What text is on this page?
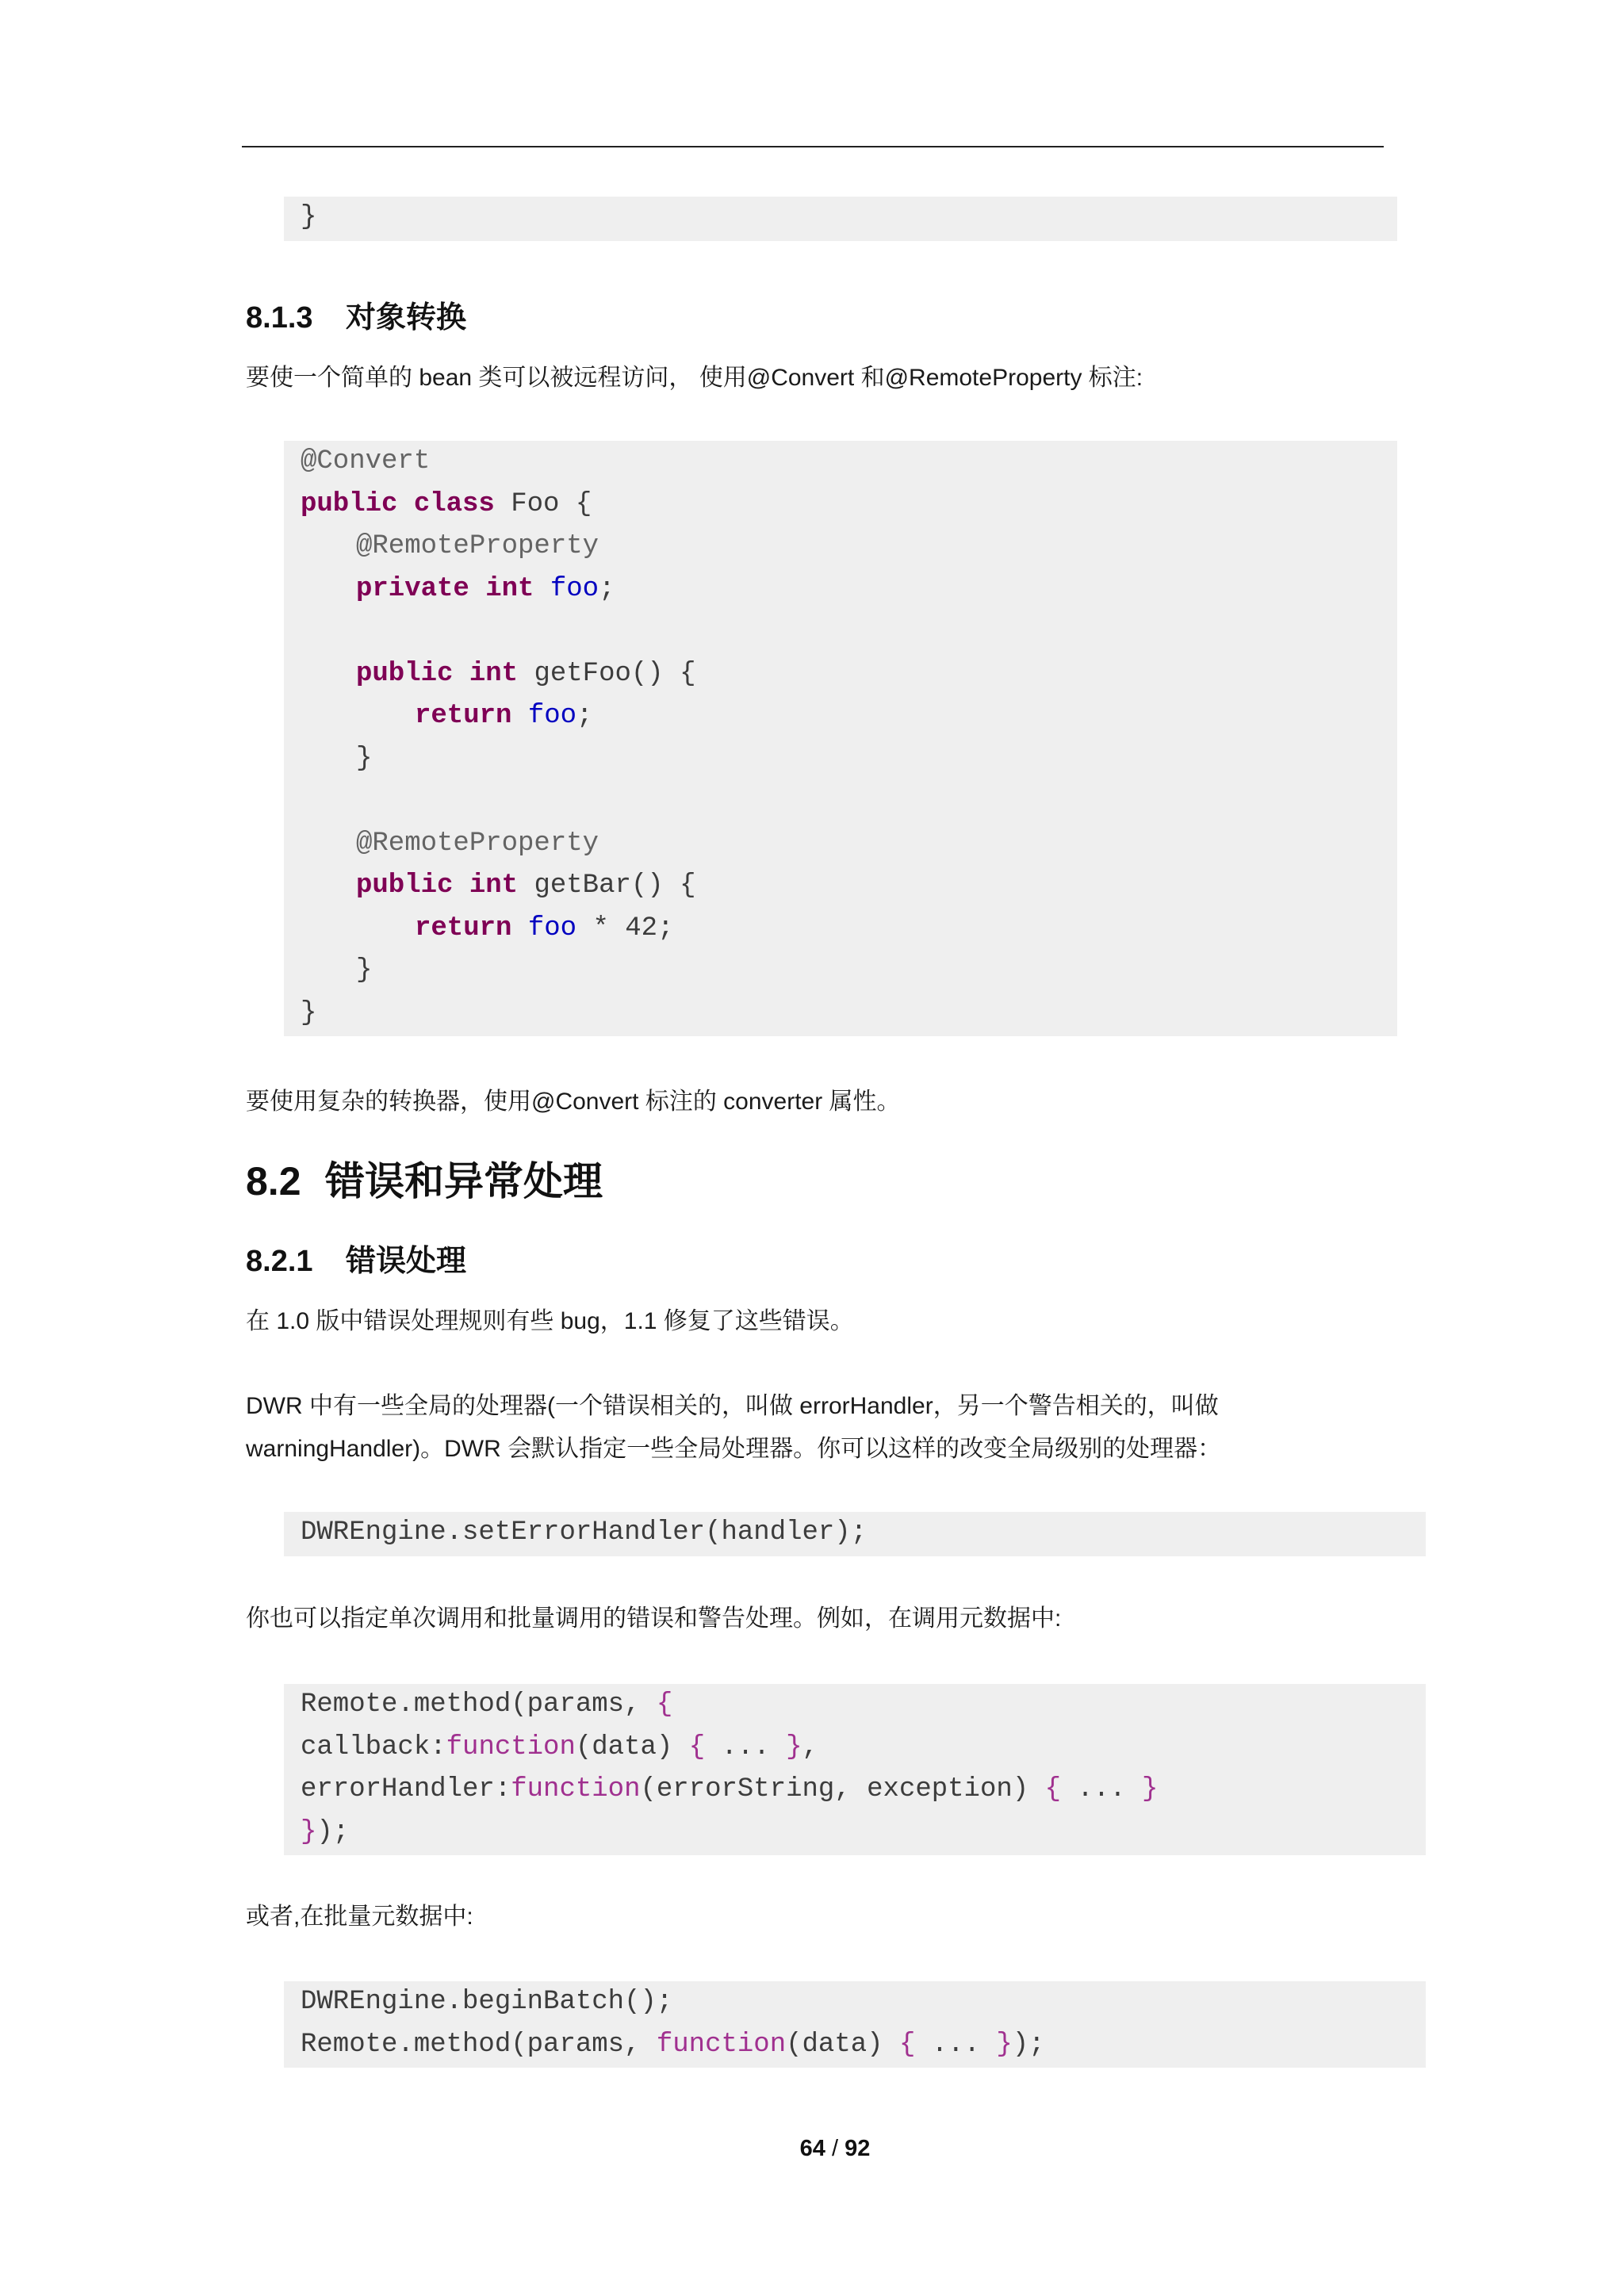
}
8.1.3 对象转换
要使一个简单的 bean 类可以被远程访问， 使用@Convert 和@RemoteProperty 标注:
@Convert
public class Foo {
@RemoteProperty
private int foo;
public int getFoo() {
return foo;
}
@RemoteProperty
public int getBar() {
return foo * 42;
}
}
要使用复杂的转换器，使用@Convert 标注的 converter 属性。
8.2 错误和异常处理
8.2.1 错误处理
在 1.0 版中错误处理规则有些 bug，1.1 修复了这些错误。
DWR 中有一些全局的处理器(一个错误相关的，叫做 errorHandler，另一个警告相关的，叫做
warningHandler)。DWR 会默认指定一些全局处理器。你可以这样的改变全局级别的处理器：
DWREngine.setErrorHandler(handler);
你也可以指定单次调用和批量调用的错误和警告处理。例如，在调用元数据中:
Remote.method(params, {
callback:function(data) { ... },
errorHandler:function(errorString, exception) { ... }
});
或者,在批量元数据中:
DWREngine.beginBatch();
Remote.method(params, function(data) { ... });
64 / 92
